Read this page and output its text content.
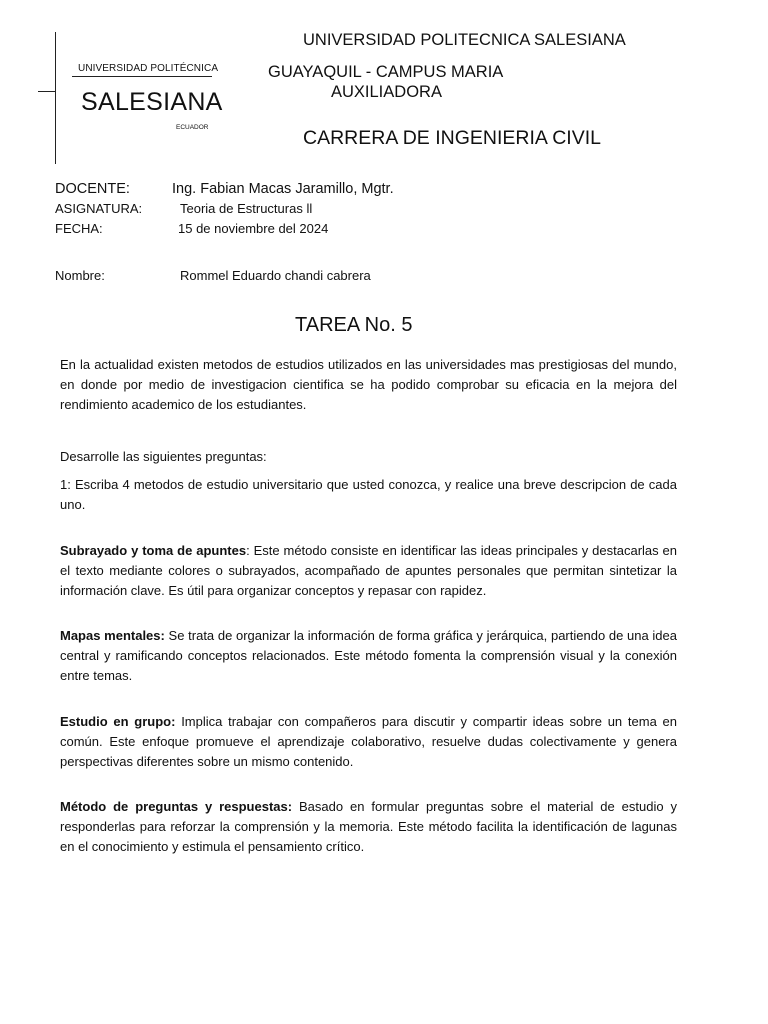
UNIVERSIDAD POLITÉCNICA
SALESIANA
ECUADOR
UNIVERSIDAD POLITECNICA SALESIANA
GUAYAQUIL - CAMPUS MARIA
AUXILIADORA
CARRERA DE INGENIERIA CIVIL
DOCENTE:	Ing. Fabian Macas Jaramillo, Mgtr.
ASIGNATURA:	Teoria de Estructuras ll
FECHA:	15 de noviembre del 2024
Nombre:	Rommel Eduardo chandi cabrera
TAREA No. 5

En la actualidad existen metodos de estudios utilizados en las universidades mas prestigiosas del mundo, en donde por medio de investigacion cientifica se ha podido comprobar su eficacia en la mejora del rendimiento academico de los estudiantes.

Desarrolle las siguientes preguntas:

1: Escriba 4 metodos de estudio universitario que usted conozca, y realice una breve descripcion de cada uno.

Subrayado y toma de apuntes: Este método consiste en identificar las ideas principales y destacarlas en el texto mediante colores o subrayados, acompañado de apuntes personales que permitan sintetizar la información clave. Es útil para organizar conceptos y repasar con rapidez.

Mapas mentales: Se trata de organizar la información de forma gráfica y jerárquica, partiendo de una idea central y ramificando conceptos relacionados. Este método fomenta la comprensión visual y la conexión entre temas.

Estudio en grupo: Implica trabajar con compañeros para discutir y compartir ideas sobre un tema en común. Este enfoque promueve el aprendizaje colaborativo, resuelve dudas colectivamente y genera perspectivas diferentes sobre un mismo contenido.

Método de preguntas y respuestas: Basado en formular preguntas sobre el material de estudio y responderlas para reforzar la comprensión y la memoria. Este método facilita la identificación de lagunas en el conocimiento y estimula el pensamiento crítico.
